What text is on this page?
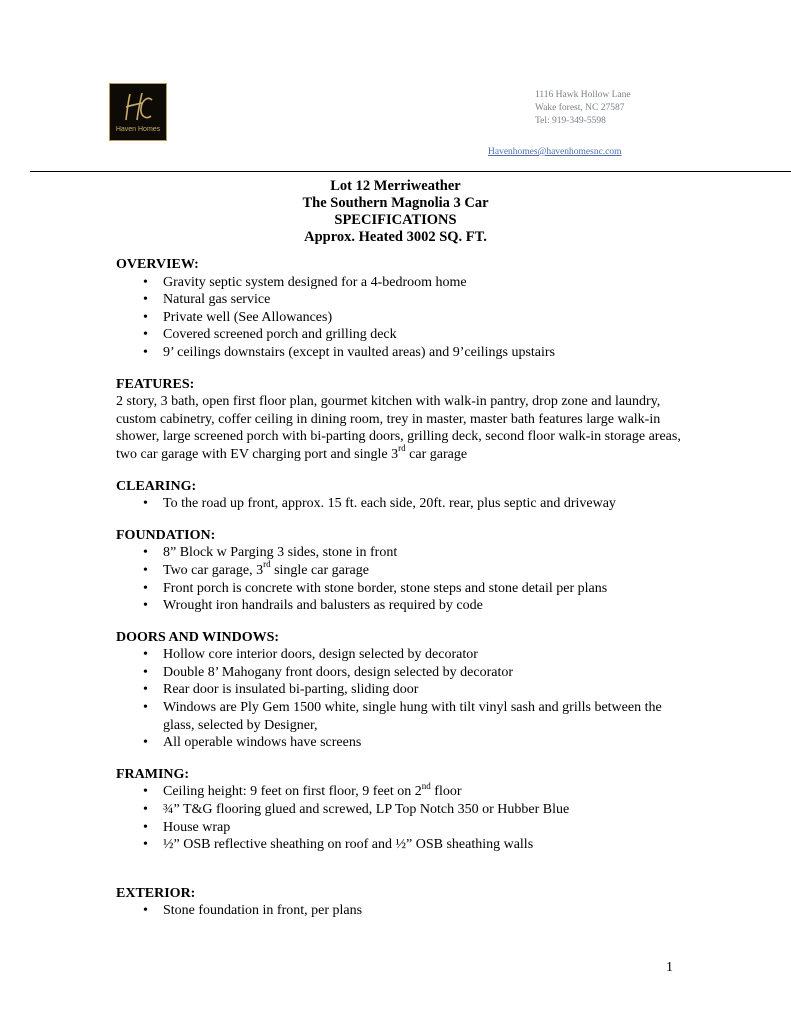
Haven Homes
1116 Hawk Hollow Lane
Wake forest, NC 27587
Tel: 919-349-5598
Havenhomes@havenhomesnc.com
Lot 12 Merriweather
The Southern Magnolia 3 Car
SPECIFICATIONS
Approx. Heated 3002 SQ. FT.
OVERVIEW:
• Gravity septic system designed for a 4-bedroom home
• Natural gas service
• Private well (See Allowances)
• Covered screened porch and grilling deck
• 9’ ceilings downstairs (except in vaulted areas) and 9’ceilings upstairs
FEATURES:
2 story, 3 bath, open first floor plan, gourmet kitchen with walk-in pantry, drop zone and laundry, custom cabinetry, coffer ceiling in dining room, trey in master, master bath features large walk-in shower, large screened porch with bi-parting doors, grilling deck, second floor walk-in storage areas, two car garage with EV charging port and single 3rd car garage
CLEARING:
• To the road up front, approx. 15 ft. each side, 20ft. rear, plus septic and driveway
FOUNDATION:
• 8” Block w Parging 3 sides, stone in front
• Two car garage, 3rd single car garage
• Front porch is concrete with stone border, stone steps and stone detail per plans
• Wrought iron handrails and balusters as required by code
DOORS AND WINDOWS:
• Hollow core interior doors, design selected by decorator
• Double 8’ Mahogany front doors, design selected by decorator
• Rear door is insulated bi-parting, sliding door
• Windows are Ply Gem 1500 white, single hung with tilt vinyl sash and grills between the glass, selected by Designer,
• All operable windows have screens
FRAMING:
• Ceiling height: 9 feet on first floor, 9 feet on 2nd floor
• ¾” T&G flooring glued and screwed, LP Top Notch 350 or Hubber Blue
• House wrap
• ½” OSB reflective sheathing on roof and ½” OSB sheathing walls
EXTERIOR:
• Stone foundation in front, per plans
1
